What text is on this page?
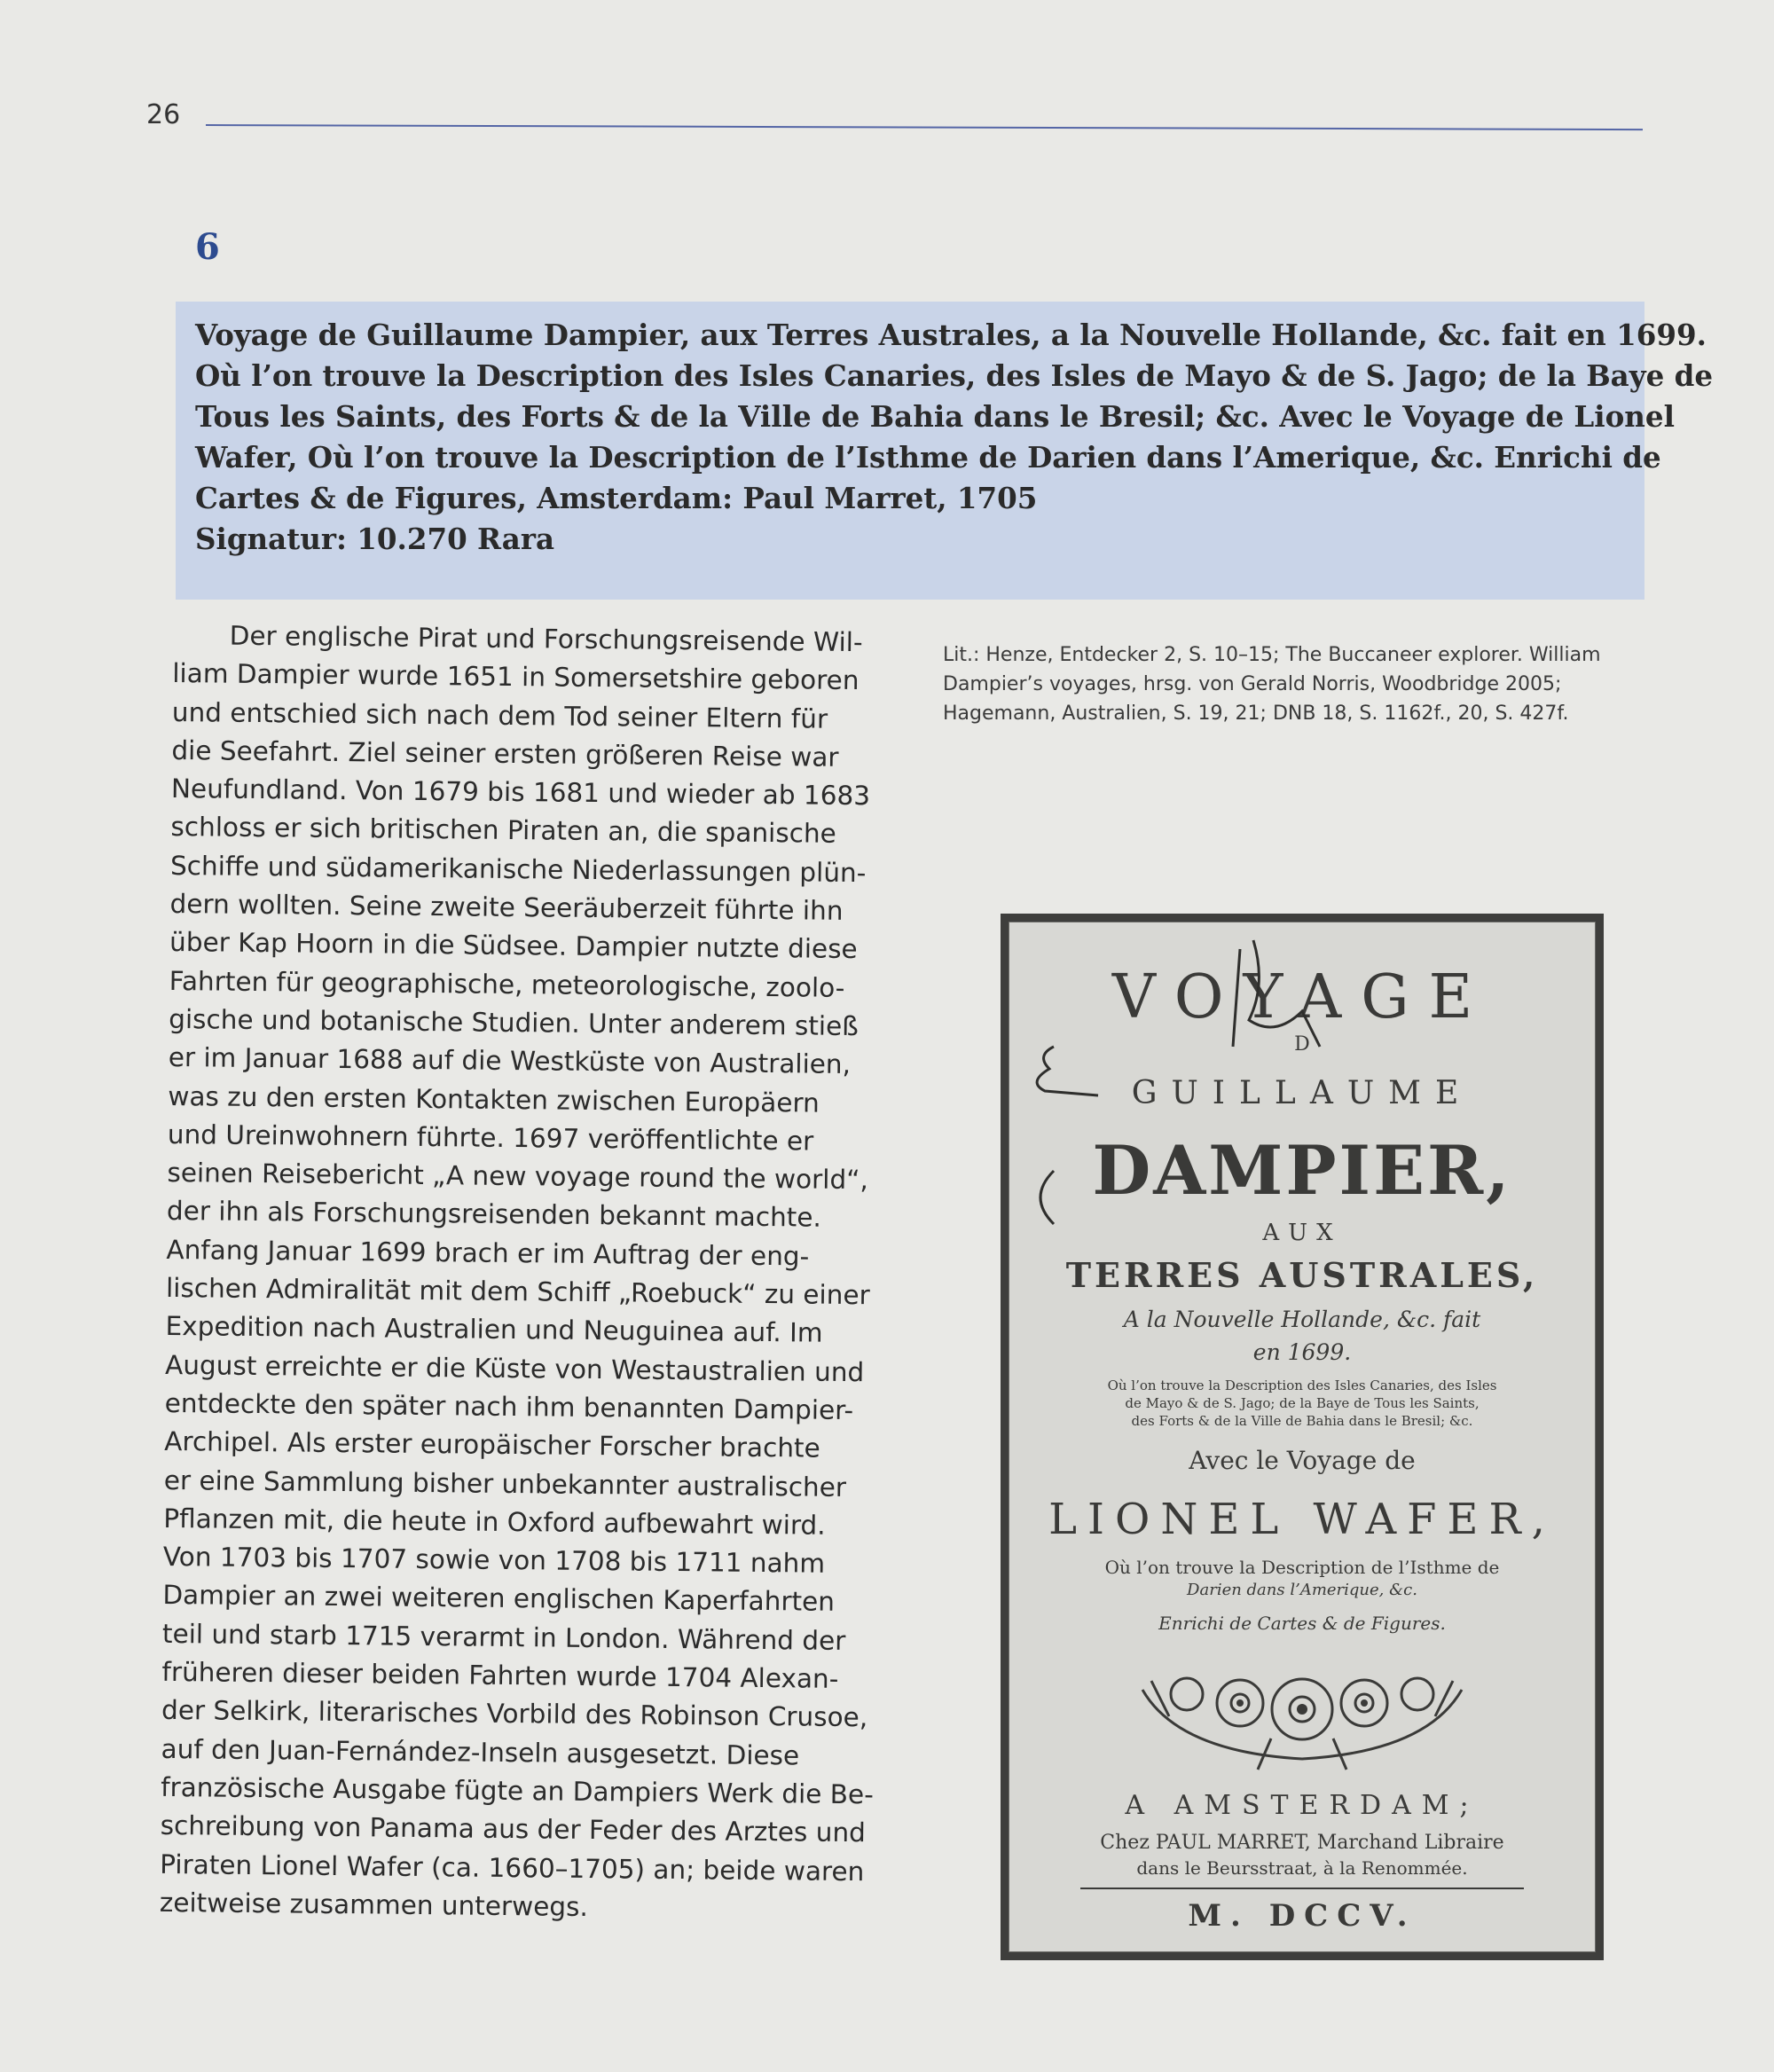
26
6
Voyage de Guillaume Dampier, aux Terres Australes, a la Nouvelle Hollande, &c. fait en 1699.
Où l’on trouve la Description des Isles Canaries, des Isles de Mayo & de S. Jago; de la Baye de
Tous les Saints, des Forts & de la Ville de Bahia dans le Bresil; &c. Avec le Voyage de Lionel
Wafer, Où l’on trouve la Description de l’Isthme de Darien dans l’Amerique, &c. Enrichi de
Cartes & de Figures, Amsterdam: Paul Marret, 1705
Signatur: 10.270 Rara
Der englische Pirat und Forschungsreisende Wil-
liam Dampier wurde 1651 in Somersetshire geboren
und entschied sich nach dem Tod seiner Eltern für
die Seefahrt. Ziel seiner ersten größeren Reise war
Neufundland. Von 1679 bis 1681 und wieder ab 1683
schloss er sich britischen Piraten an, die spanische
Schiffe und südamerikanische Niederlassungen plün-
dern wollten. Seine zweite Seeräuberzeit führte ihn
über Kap Hoorn in die Südsee. Dampier nutzte diese
Fahrten für geographische, meteorologische, zoolo-
gische und botanische Studien. Unter anderem stieß
er im Januar 1688 auf die Westküste von Australien,
was zu den ersten Kontakten zwischen Europäern
und Ureinwohnern führte. 1697 veröffentlichte er
seinen Reisebericht „A new voyage round the world“,
der ihn als Forschungsreisenden bekannt machte.
Anfang Januar 1699 brach er im Auftrag der eng-
lischen Admiralität mit dem Schiff „Roebuck“ zu einer
Expedition nach Australien und Neuguinea auf. Im
August erreichte er die Küste von Westaustralien und
entdeckte den später nach ihm benannten Dampier-
Archipel. Als erster europäischer Forscher brachte
er eine Sammlung bisher unbekannter australischer
Pflanzen mit, die heute in Oxford aufbewahrt wird.
Von 1703 bis 1707 sowie von 1708 bis 1711 nahm
Dampier an zwei weiteren englischen Kaperfahrten
teil und starb 1715 verarmt in London. Während der
früheren dieser beiden Fahrten wurde 1704 Alexan-
der Selkirk, literarisches Vorbild des Robinson Crusoe,
auf den Juan-Fernández-Inseln ausgesetzt. Diese
französische Ausgabe fügte an Dampiers Werk die Be-
schreibung von Panama aus der Feder des Arztes und
Piraten Lionel Wafer (ca. 1660–1705) an; beide waren
zeitweise zusammen unterwegs.
Lit.: Henze, Entdecker 2, S. 10–15; The Buccaneer explorer. William
Dampier’s voyages, hrsg. von Gerald Norris, Woodbridge 2005;
Hagemann, Australien, S. 19, 21; DNB 18, S. 1162f., 20, S. 427f.
VOYAGE
D
GUILLAUME
DAMPIER,
AUX
TERRES AUSTRALES,
A la Nouvelle Hollande, &c. fait
en 1699.
Où l’on trouve la Description des Isles Canaries, des Isles
de Mayo & de S. Jago; de la Baye de Tous les Saints,
des Forts & de la Ville de Bahia dans le Bresil; &c.
Avec le Voyage de
LIONEL WAFER,
Où l’on trouve la Description de l’Isthme de
Darien dans l’Amerique, &c.
Enrichi de Cartes & de Figures.
A AMSTERDAM;
Chez PAUL MARRET, Marchand Libraire
dans le Beursstraat, à la Renommée.
M. DCCV.
